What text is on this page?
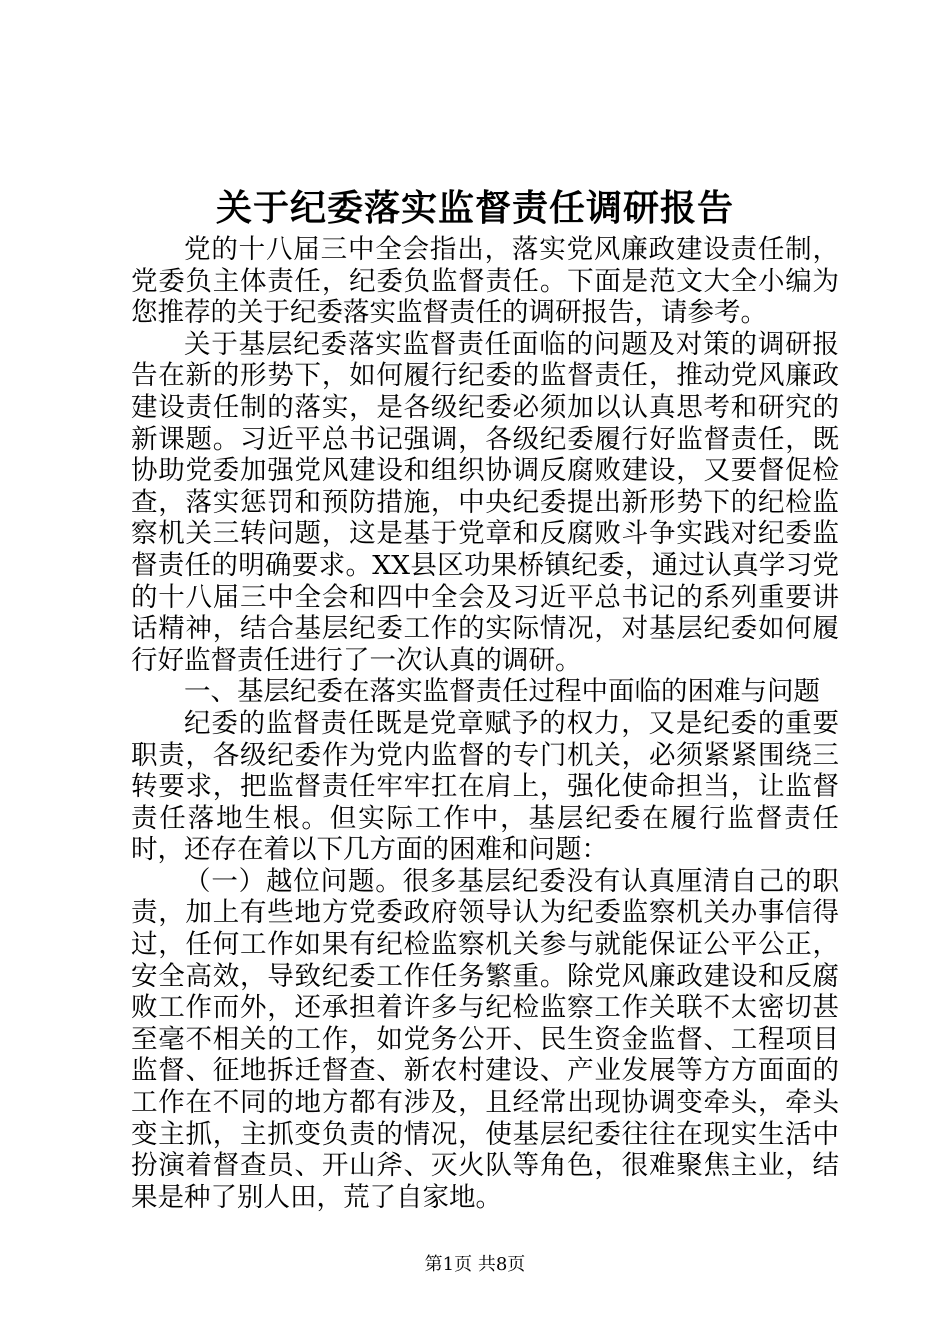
关于纪委落实监督责任调研报告

党的十八届三中全会指出，落实党风廉政建设责任制，党委负主体责任，纪委负监督责任。下面是范文大全小编为您推荐的关于纪委落实监督责任的调研报告，请参考。

关于基层纪委落实监督责任面临的问题及对策的调研报告在新的形势下，如何履行纪委的监督责任，推动党风廉政建设责任制的落实，是各级纪委必须加以认真思考和研究的新课题。习近平总书记强调，各级纪委履行好监督责任，既协助党委加强党风建设和组织协调反腐败建设，又要督促检查，落实惩罚和预防措施，中央纪委提出新形势下的纪检监察机关三转问题，这是基于党章和反腐败斗争实践对纪委监督责任的明确要求。XX县区功果桥镇纪委，通过认真学习党的十八届三中全会和四中全会及习近平总书记的系列重要讲话精神，结合基层纪委工作的实际情况，对基层纪委如何履行好监督责任进行了一次认真的调研。

一、基层纪委在落实监督责任过程中面临的困难与问题

纪委的监督责任既是党章赋予的权力，又是纪委的重要职责，各级纪委作为党内监督的专门机关，必须紧紧围绕三转要求，把监督责任牢牢扛在肩上，强化使命担当，让监督责任落地生根。但实际工作中，基层纪委在履行监督责任时，还存在着以下几方面的困难和问题：

（一）越位问题。很多基层纪委没有认真厘清自己的职责，加上有些地方党委政府领导认为纪委监察机关办事信得过，任何工作如果有纪检监察机关参与就能保证公平公正，安全高效，导致纪委工作任务繁重。除党风廉政建设和反腐败工作而外，还承担着许多与纪检监察工作关联不太密切甚至毫不相关的工作，如党务公开、民生资金监督、工程项目监督、征地拆迁督查、新农村建设、产业发展等方方面面的工作在不同的地方都有涉及，且经常出现协调变牵头，牵头变主抓，主抓变负责的情况，使基层纪委往往在现实生活中扮演着督查员、开山斧、灭火队等角色，很难聚焦主业，结果是种了别人田，荒了自家地。

第1页 共8页
